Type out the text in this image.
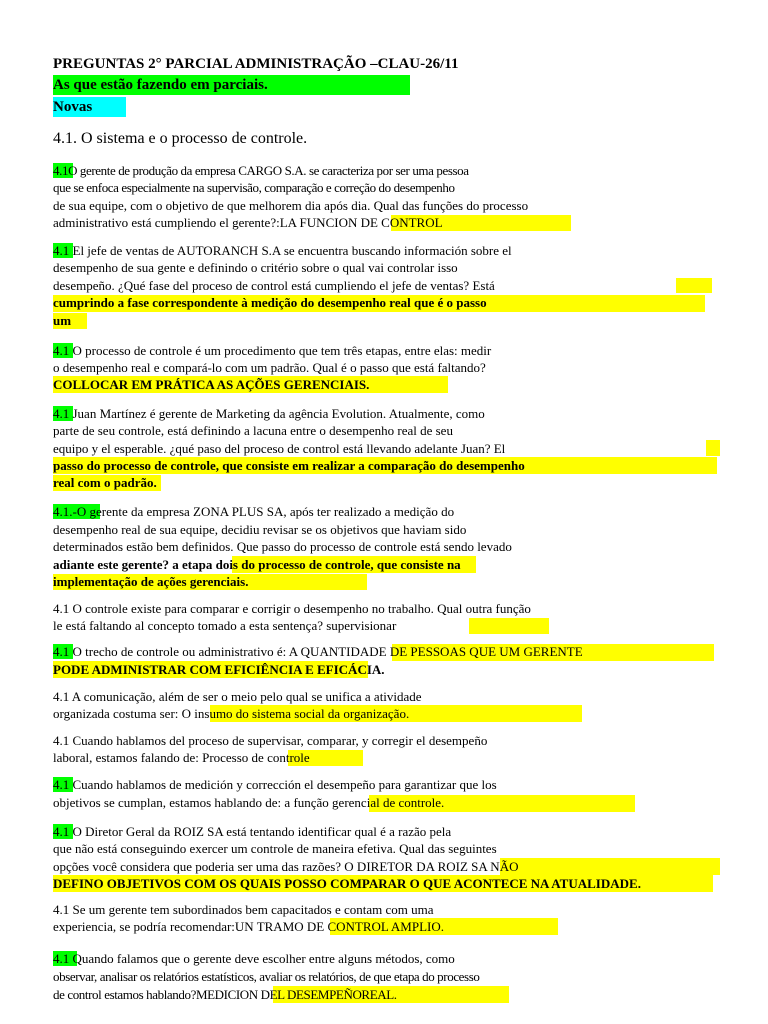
PREGUNTAS 2° PARCIAL ADMINISTRAÇÃO –CLAU-26/11
As que estão fazendo em parciais.
Novas
4.1. O sistema e o processo de controle.
4.1O gerente de produção da empresa CARGO S.A. se caracteriza por ser uma pessoa
que se enfoca especialmente na supervisão, comparação e correção do desempenho
de sua equipe, com o objetivo de que melhorem dia após dia. Qual das funções do processo
administrativo está cumpliendo el gerente?:LA FUNCION DE CONTROL
4.1 El jefe de ventas de AUTORANCH S.A se encuentra buscando información sobre el
desempenho de sua gente e definindo o critério sobre o qual vai controlar isso
desempeño. ¿Qué fase del proceso de control está cumpliendo el jefe de ventas? Está
cumprindo a fase correspondente à medição do desempenho real que é o passo
um
4.1 O processo de controle é um procedimento que tem três etapas, entre elas: medir
o desempenho real e compará-lo com um padrão. Qual é o passo que está faltando?
COLLOCAR EM PRÁTICA AS AÇÕES GERENCIAIS.
4.1 Juan Martínez é gerente de Marketing da agência Evolution. Atualmente, como
parte de seu controle, está definindo a lacuna entre o desempenho real de seu
equipo y el esperable. ¿qué paso del proceso de control está llevando adelante Juan? El
passo do processo de controle, que consiste em realizar a comparação do desempenho
real com o padrão.
4.1.-O gerente da empresa ZONA PLUS SA, após ter realizado a medição do
desempenho real de sua equipe, decidiu revisar se os objetivos que haviam sido
determinados estão bem definidos. Que passo do processo de controle está sendo levado
adiante este gerente? a etapa dois do processo de controle, que consiste na
implementação de ações gerenciais.
4.1 O controle existe para comparar e corrigir o desempenho no trabalho. Qual outra função
le está faltando al concepto tomado a esta sentença? supervisionar
4.1 O trecho de controle ou administrativo é: A QUANTIDADE DE PESSOAS QUE UM GERENTE
PODE ADMINISTRAR COM EFICIÊNCIA E EFICÁCIA.
4.1 A comunicação, além de ser o meio pelo qual se unifica a atividade
organizada costuma ser: O insumo do sistema social da organização.
4.1 Cuando hablamos del proceso de supervisar, comparar, y corregir el desempeño
laboral, estamos falando de: Processo de controle
4.1 Cuando hablamos de medición y corrección el desempeño para garantizar que los
objetivos se cumplan, estamos hablando de: a função gerencial de controle.
4.1 O Diretor Geral da ROIZ SA está tentando identificar qual é a razão pela
que não está conseguindo exercer um controle de maneira efetiva. Qual das seguintes
opções você considera que poderia ser uma das razões? O DIRETOR DA ROIZ SA NÃO
DEFINO OBJETIVOS COM OS QUAIS POSSO COMPARAR O QUE ACONTECE NA ATUALIDADE.
4.1 Se um gerente tem subordinados bem capacitados e contam com uma
experiencia, se podría recomendar:UN TRAMO DE CONTROL AMPLIO.
4.1 Quando falamos que o gerente deve escolher entre alguns métodos, como
observar, analisar os relatórios estatísticos, avaliar os relatórios, de que etapa do processo
de control estamos hablando?MEDICION DEL DESEMPEÑOREAL.
